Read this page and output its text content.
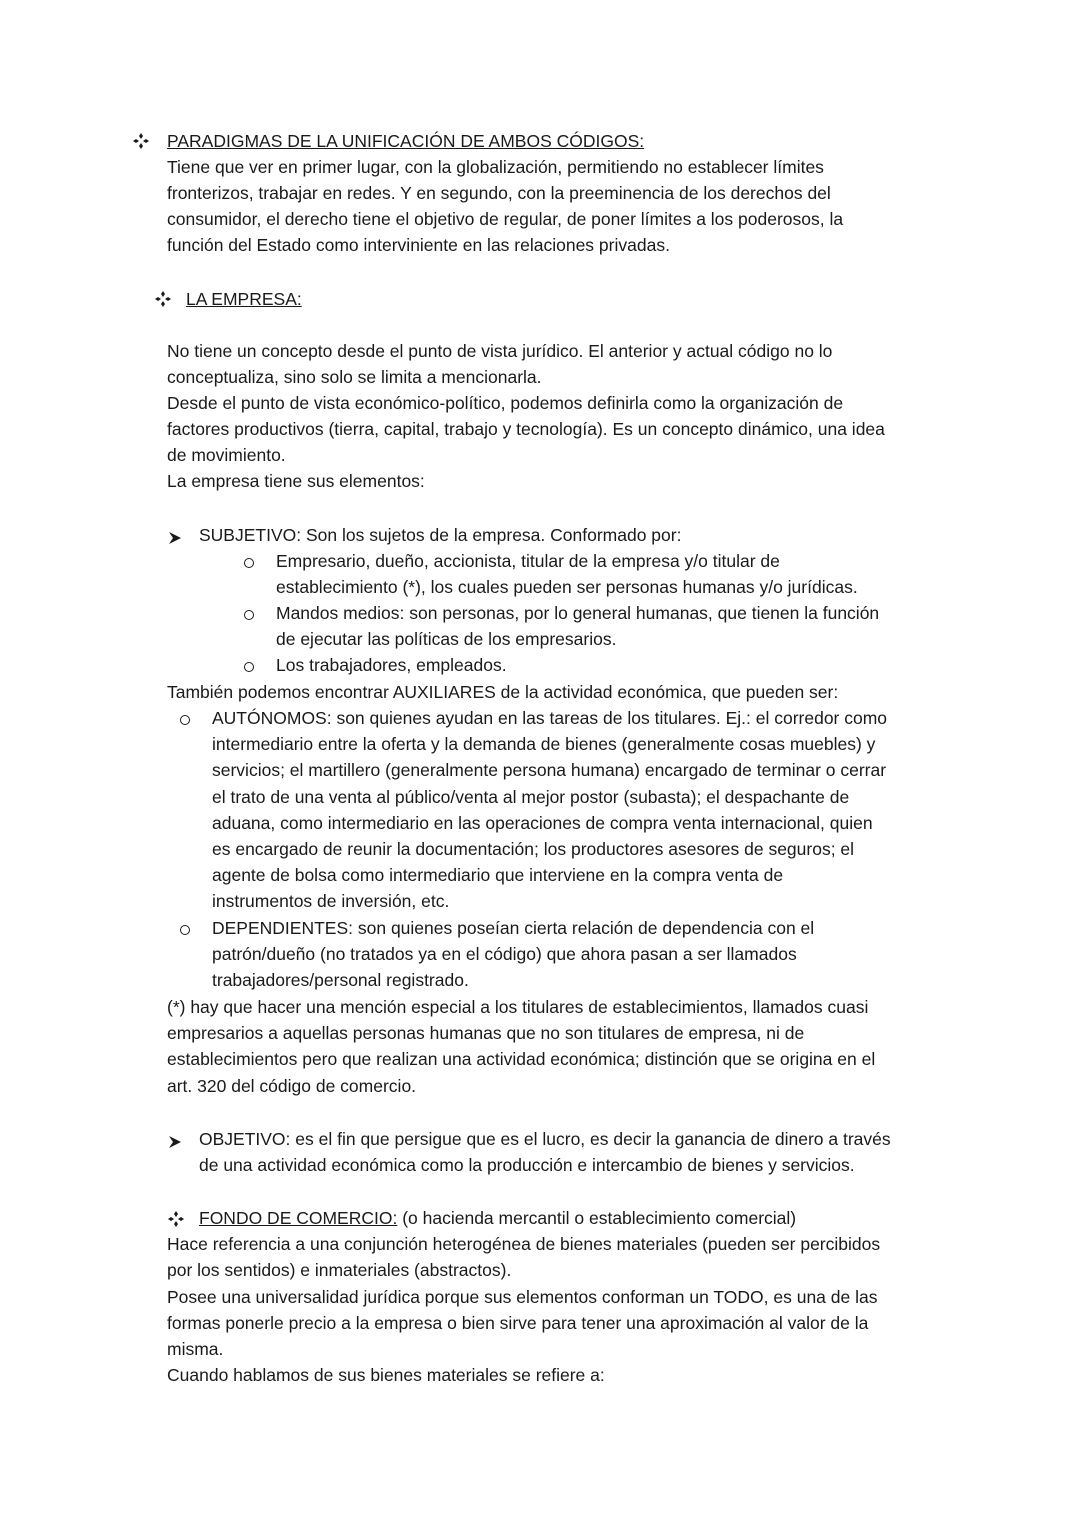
PARADIGMAS DE LA UNIFICACIÓN DE AMBOS CÓDIGOS:
Tiene que ver en primer lugar, con la globalización, permitiendo no establecer límites
fronterizos, trabajar en redes. Y en segundo, con la preeminencia de los derechos del
consumidor, el derecho tiene el objetivo de regular, de poner límites a los poderosos, la
función del Estado como interviniente en las relaciones privadas.
LA EMPRESA:
No tiene un concepto desde el punto de vista jurídico. El anterior y actual código no lo
conceptualiza, sino solo se limita a mencionarla.
Desde el punto de vista económico-político, podemos definirla como la organización de
factores productivos (tierra, capital, trabajo y tecnología). Es un concepto dinámico, una idea
de movimiento.
La empresa tiene sus elementos:
SUBJETIVO: Son los sujetos de la empresa. Conformado por:
Empresario, dueño, accionista, titular de la empresa y/o titular de
establecimiento (*), los cuales pueden ser personas humanas y/o jurídicas.
Mandos medios: son personas, por lo general humanas, que tienen la función
de ejecutar las políticas de los empresarios.
Los trabajadores, empleados.
También podemos encontrar AUXILIARES de la actividad económica, que pueden ser:
AUTÓNOMOS: son quienes ayudan en las tareas de los titulares. Ej.: el corredor como
intermediario entre la oferta y la demanda de bienes (generalmente cosas muebles) y
servicios; el martillero (generalmente persona humana) encargado de terminar o cerrar
el trato de una venta al público/venta al mejor postor (subasta); el despachante de
aduana, como intermediario en las operaciones de compra venta internacional, quien
es encargado de reunir la documentación; los productores asesores de seguros; el
agente de bolsa como intermediario que interviene en la compra venta de
instrumentos de inversión, etc.
DEPENDIENTES: son quienes poseían cierta relación de dependencia con el
patrón/dueño (no tratados ya en el código) que ahora pasan a ser llamados
trabajadores/personal registrado.
(*) hay que hacer una mención especial a los titulares de establecimientos, llamados cuasi
empresarios a aquellas personas humanas que no son titulares de empresa, ni de
establecimientos pero que realizan una actividad económica; distinción que se origina en el
art. 320 del código de comercio.
OBJETIVO: es el fin que persigue que es el lucro, es decir la ganancia de dinero a través
de una actividad económica como la producción e intercambio de bienes y servicios.
FONDO DE COMERCIO: (o hacienda mercantil o establecimiento comercial)
Hace referencia a una conjunción heterogénea de bienes materiales (pueden ser percibidos
por los sentidos) e inmateriales (abstractos).
Posee una universalidad jurídica porque sus elementos conforman un TODO, es una de las
formas ponerle precio a la empresa o bien sirve para tener una aproximación al valor de la
misma.
Cuando hablamos de sus bienes materiales se refiere a:
